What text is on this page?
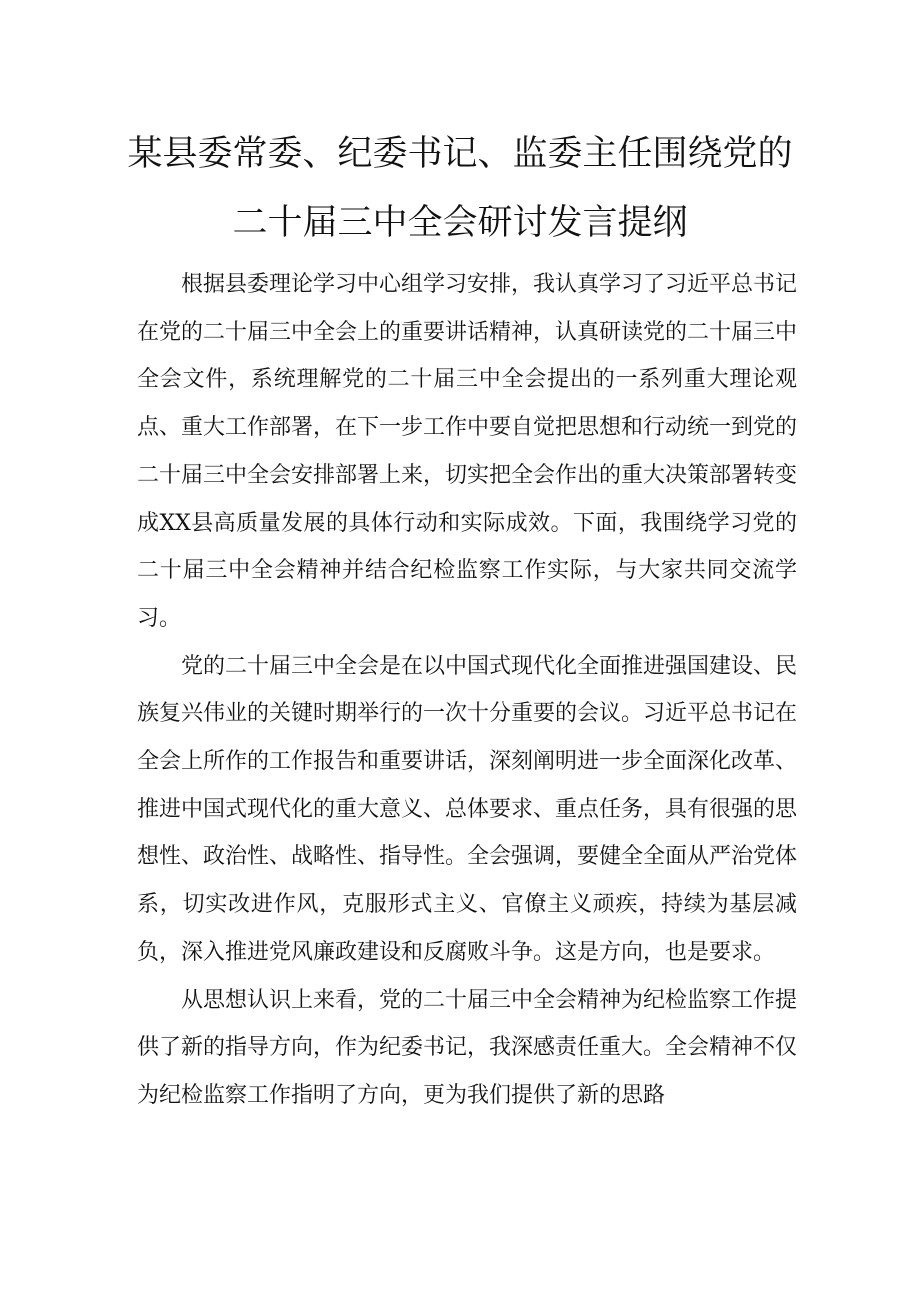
某县委常委、纪委书记、监委主任围绕党的
二十届三中全会研讨发言提纲

根据县委理论学习中心组学习安排，我认真学习了习近平总书记在党的二十届三中全会上的重要讲话精神，认真研读党的二十届三中全会文件，系统理解党的二十届三中全会提出的一系列重大理论观点、重大工作部署，在下一步工作中要自觉把思想和行动统一到党的二十届三中全会安排部署上来，切实把全会作出的重大决策部署转变成XX县高质量发展的具体行动和实际成效。下面，我围绕学习党的二十届三中全会精神并结合纪检监察工作实际，与大家共同交流学习。

党的二十届三中全会是在以中国式现代化全面推进强国建设、民族复兴伟业的关键时期举行的一次十分重要的会议。习近平总书记在全会上所作的工作报告和重要讲话，深刻阐明进一步全面深化改革、推进中国式现代化的重大意义、总体要求、重点任务，具有很强的思想性、政治性、战略性、指导性。全会强调，要健全全面从严治党体系，切实改进作风，克服形式主义、官僚主义顽疾，持续为基层减负，深入推进党风廉政建设和反腐败斗争。这是方向，也是要求。

从思想认识上来看，党的二十届三中全会精神为纪检监察工作提供了新的指导方向，作为纪委书记，我深感责任重大。全会精神不仅为纪检监察工作指明了方向，更为我们提供了新的思路
